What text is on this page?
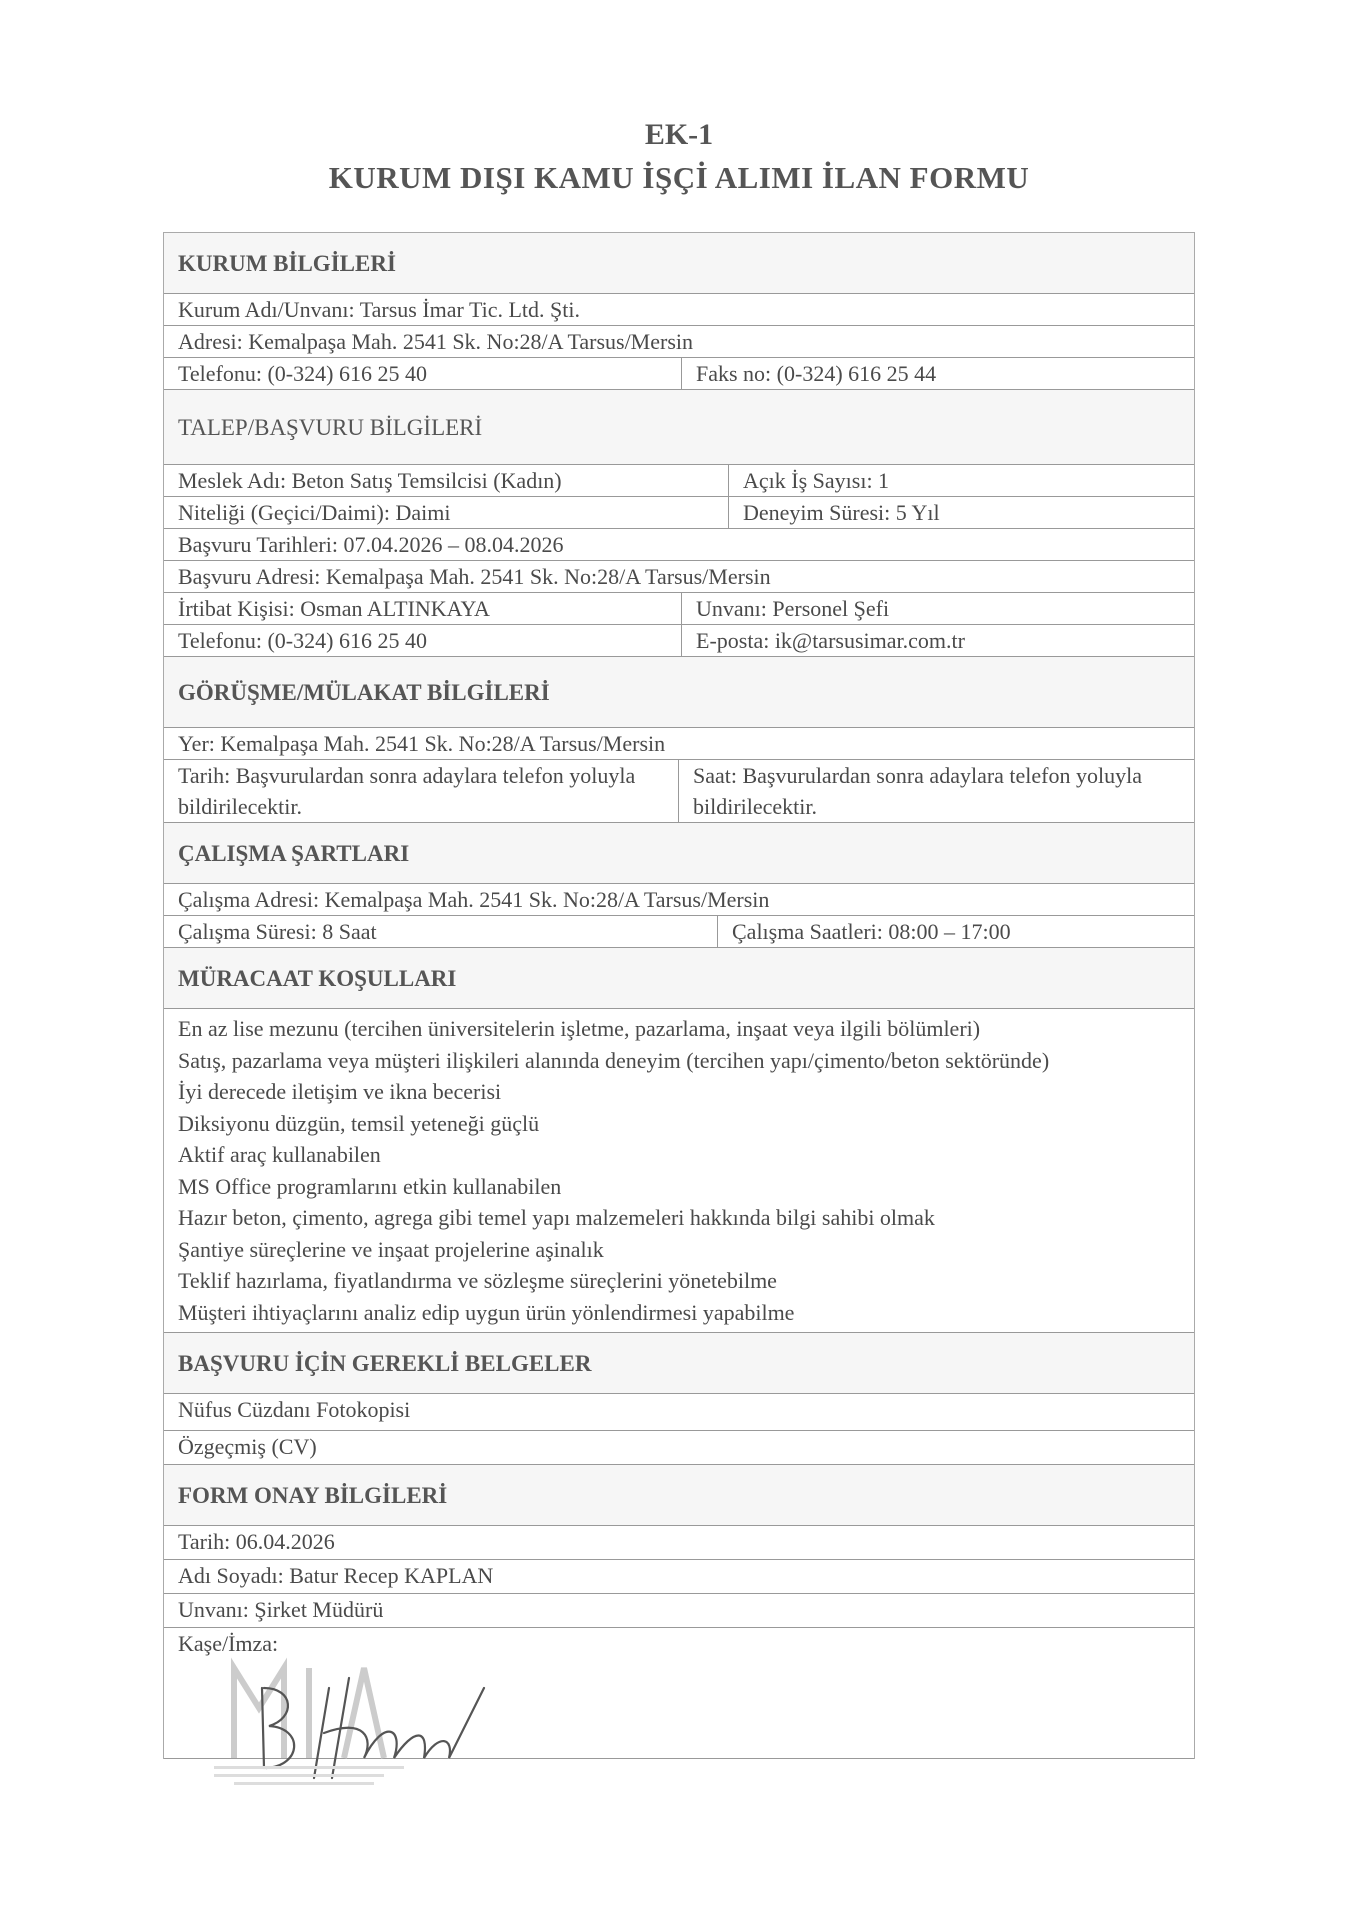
EK-1
KURUM DIŞI KAMU İŞÇİ ALIMI İLAN FORMU
KURUM BİLGİLERİ
Kurum Adı/Unvanı: Tarsus İmar Tic. Ltd. Şti.
Adresi: Kemalpaşa Mah. 2541 Sk. No:28/A Tarsus/Mersin
Telefonu: (0-324) 616 25 40	Faks no: (0-324) 616 25 44
TALEP/BAŞVURU BİLGİLERİ
Meslek Adı: Beton Satış Temsilcisi (Kadın)	Açık İş Sayısı: 1
Niteliği (Geçici/Daimi): Daimi	Deneyim Süresi: 5 Yıl
Başvuru Tarihleri: 07.04.2026 – 08.04.2026
Başvuru Adresi: Kemalpaşa Mah. 2541 Sk. No:28/A Tarsus/Mersin
İrtibat Kişisi: Osman ALTINKAYA	Unvanı: Personel Şefi
Telefonu: (0-324) 616 25 40	E-posta: ik@tarsusimar.com.tr
GÖRÜŞME/MÜLAKAT BİLGİLERİ
Yer: Kemalpaşa Mah. 2541 Sk. No:28/A Tarsus/Mersin
Tarih: Başvurulardan sonra adaylara telefon yoluyla bildirilecektir.
Saat: Başvurulardan sonra adaylara telefon yoluyla bildirilecektir.
ÇALIŞMA ŞARTLARI
Çalışma Adresi: Kemalpaşa Mah. 2541 Sk. No:28/A Tarsus/Mersin
Çalışma Süresi: 8 Saat	Çalışma Saatleri: 08:00 – 17:00
MÜRACAAT KOŞULLARI
En az lise mezunu (tercihen üniversitelerin işletme, pazarlama, inşaat veya ilgili bölümleri)
Satış, pazarlama veya müşteri ilişkileri alanında deneyim (tercihen yapı/çimento/beton sektöründe)
İyi derecede iletişim ve ikna becerisi
Diksiyonu düzgün, temsil yeteneği güçlü
Aktif araç kullanabilen
MS Office programlarını etkin kullanabilen
Hazır beton, çimento, agrega gibi temel yapı malzemeleri hakkında bilgi sahibi olmak
Şantiye süreçlerine ve inşaat projelerine aşinalık
Teklif hazırlama, fiyatlandırma ve sözleşme süreçlerini yönetebilme
Müşteri ihtiyaçlarını analiz edip uygun ürün yönlendirmesi yapabilme
BAŞVURU İÇİN GEREKLİ BELGELER
Nüfus Cüzdanı Fotokopisi
Özgeçmiş (CV)
FORM ONAY BİLGİLERİ
Tarih: 06.04.2026
Adı Soyadı: Batur Recep KAPLAN
Unvanı: Şirket Müdürü
Kaşe/İmza:
